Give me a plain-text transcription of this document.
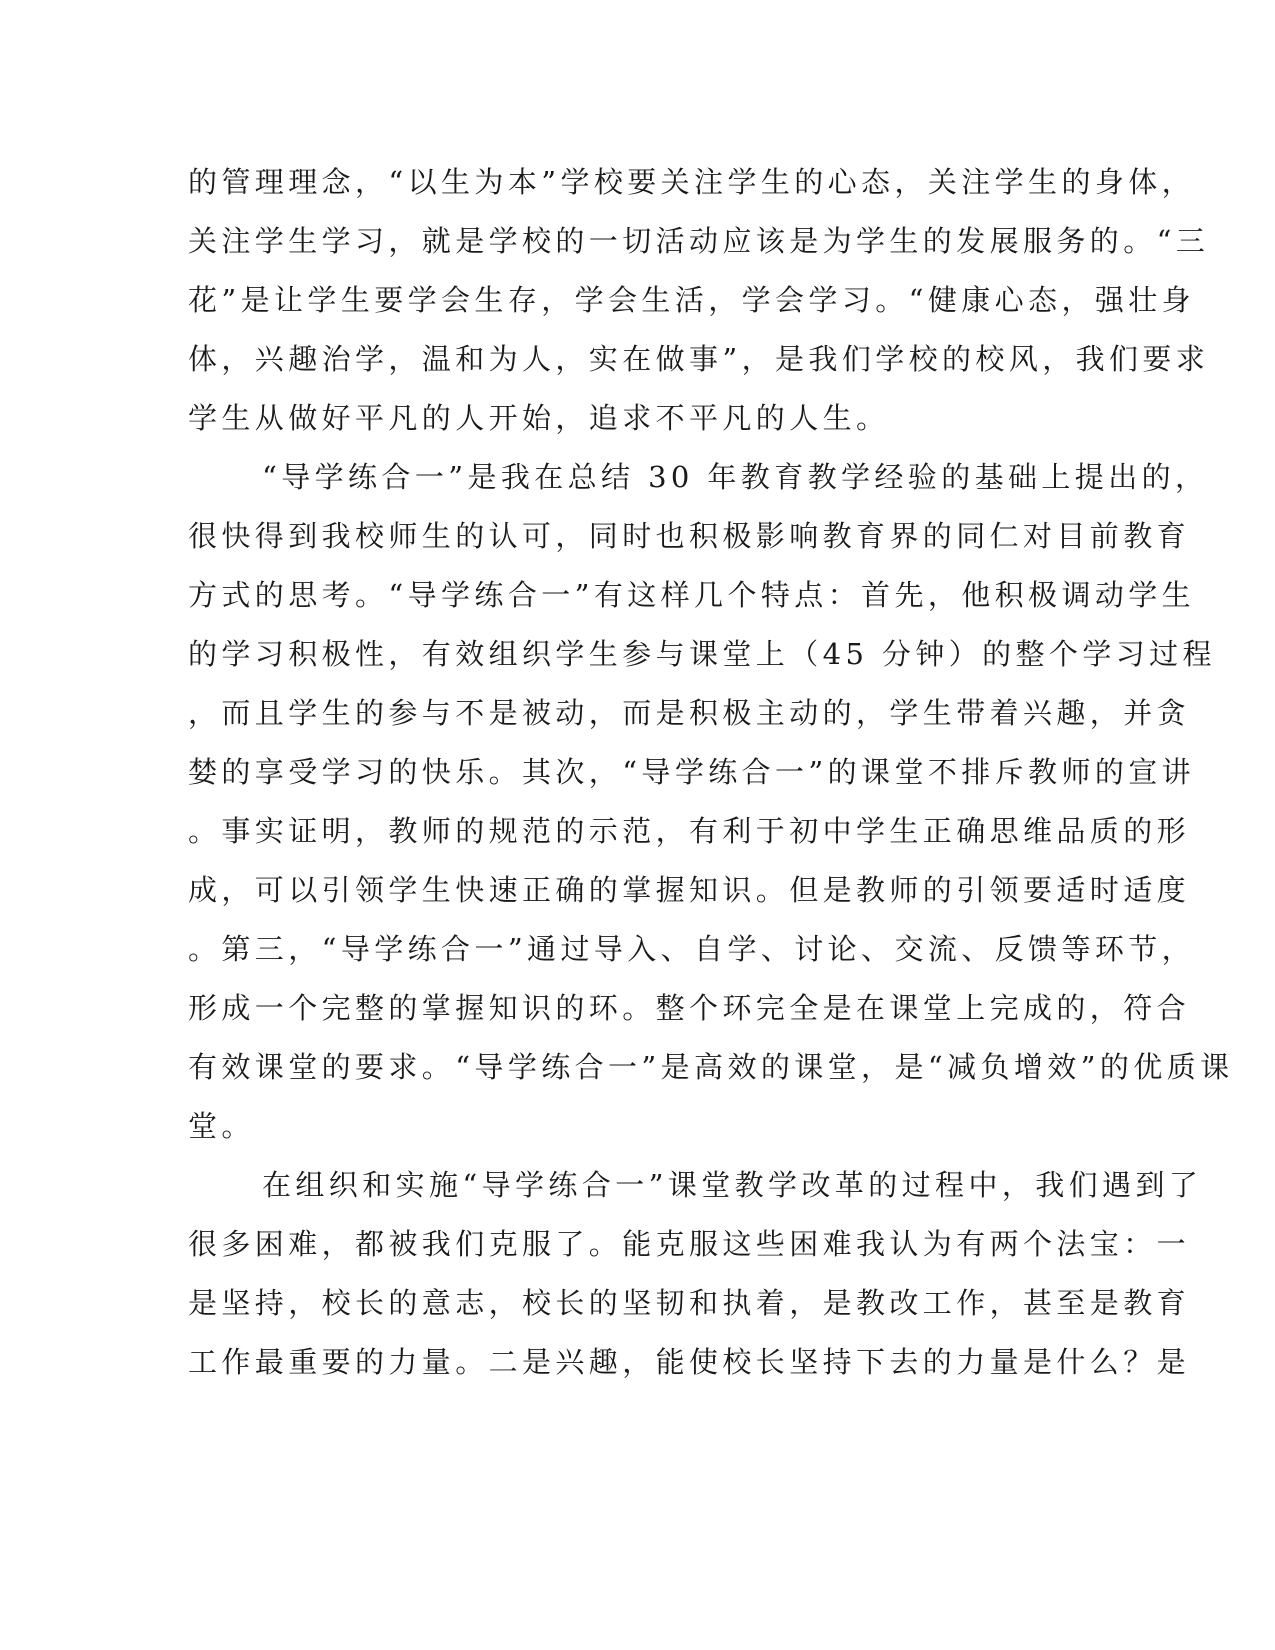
的管理理念，“以生为本”学校要关注学生的心态，关注学生的身体，
关注学生学习，就是学校的一切活动应该是为学生的发展服务的。“三
花”是让学生要学会生存，学会生活，学会学习。“健康心态，强壮身
体，兴趣治学，温和为人，实在做事”，是我们学校的校风，我们要求
学生从做好平凡的人开始，追求不平凡的人生。
“导学练合一”是我在总结 30 年教育教学经验的基础上提出的，
很快得到我校师生的认可，同时也积极影响教育界的同仁对目前教育
方式的思考。“导学练合一”有这样几个特点：首先，他积极调动学生
的学习积极性，有效组织学生参与课堂上（45 分钟）的整个学习过程
，而且学生的参与不是被动，而是积极主动的，学生带着兴趣，并贪
婪的享受学习的快乐。其次，“导学练合一”的课堂不排斥教师的宣讲
。事实证明，教师的规范的示范，有利于初中学生正确思维品质的形
成，可以引领学生快速正确的掌握知识。但是教师的引领要适时适度
。第三，“导学练合一”通过导入、自学、讨论、交流、反馈等环节，
形成一个完整的掌握知识的环。整个环完全是在课堂上完成的，符合
有效课堂的要求。“导学练合一”是高效的课堂，是“减负增效”的优质课
堂。
在组织和实施“导学练合一”课堂教学改革的过程中，我们遇到了
很多困难，都被我们克服了。能克服这些困难我认为有两个法宝：一
是坚持，校长的意志，校长的坚韧和执着，是教改工作，甚至是教育
工作最重要的力量。二是兴趣，能使校长坚持下去的力量是什么？是
